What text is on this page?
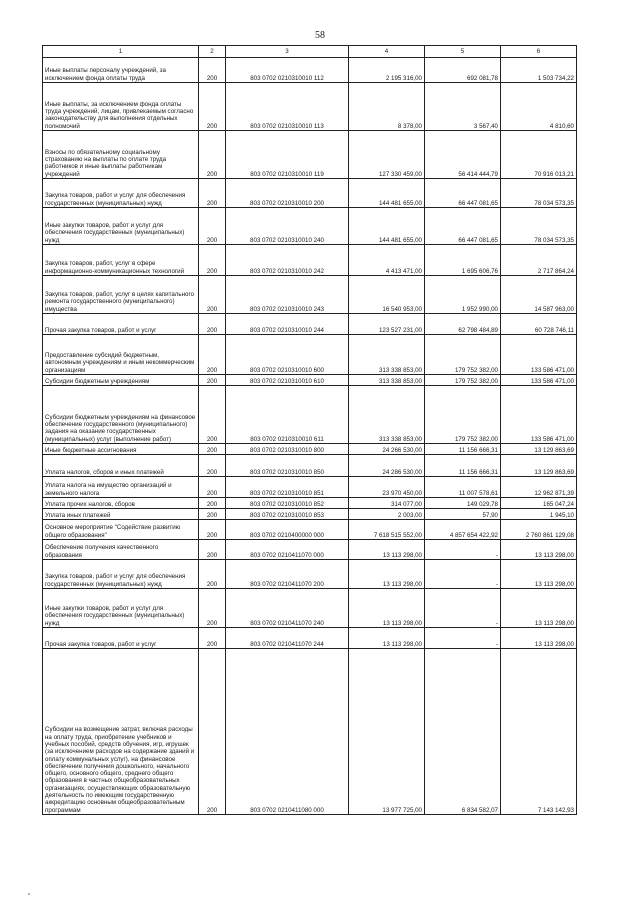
58
1	2	3	4	5	6
Иные выплаты персоналу учреждений, за исключением фонда оплаты труда	200	803 0702 0210310010 112	2 195 316,00	692 081,78	1 503 734,22
Иные выплаты, за исключением фонда оплаты труда учреждений, лицам, привлекаемым согласно законодательству для выполнения отдельных полномочий	200	803 0702 0210310010 113	8 378,00	3 567,40	4 810,60
Взносы по обязательному социальному страхованию на выплаты по оплате труда работников и иные выплаты работникам учреждений	200	803 0702 0210310010 119	127 330 459,00	56 414 444,79	70 916 013,21
Закупка товаров, работ и услуг для обеспечения государственных (муниципальных) нужд	200	803 0702 0210310010 200	144 481 655,00	66 447 081,65	78 034 573,35
Иные закупки товаров, работ и услуг для обеспечения государственных (муниципальных) нужд	200	803 0702 0210310010 240	144 481 655,00	66 447 081,65	78 034 573,35
Закупка товаров, работ, услуг в сфере информационно-коммуникационных технологий	200	803 0702 0210310010 242	4 413 471,00	1 695 606,76	2 717 864,24
Закупка товаров, работ, услуг в целях капитального ремонта государственного (муниципального) имущества	200	803 0702 0210310010 243	16 540 953,00	1 952 990,00	14 587 963,00
Прочая закупка товаров, работ и услуг	200	803 0702 0210310010 244	123 527 231,00	62 798 484,89	60 728 746,11
Предоставление субсидий бюджетным, автономным учреждениям и иным некоммерческим организациям	200	803 0702 0210310010 600	313 338 853,00	179 752 382,00	133 586 471,00
Субсидии бюджетным учреждениям	200	803 0702 0210310010 610	313 338 853,00	179 752 382,00	133 586 471,00
Субсидии бюджетным учреждениям на финансовое обеспечение государственного (муниципального) задания на оказание государственных (муниципальных) услуг (выполнение работ)	200	803 0702 0210310010 611	313 338 853,00	179 752 382,00	133 586 471,00
Иные бюджетные ассигнования	200	803 0702 0210310010 800	24 266 530,00	11 156 666,31	13 129 863,69
Уплата налогов, сборов и иных платежей	200	803 0702 0210310010 850	24 286 530,00	11 156 666,31	13 129 863,69
Уплата налога на имущество организаций и земельного налога	200	803 0702 0210310010 851	23 970 450,00	11 007 578,61	12 962 871,39
Уплата прочих налогов, сборов	200	803 0702 0210310010 852	314 077,00	149 029,78	165 047,24
Уплата иных платежей	200	803 0702 0210310010 853	2 003,00	57,90	1 945,10
Основное мероприятие "Содействие развитию общего образования"	200	803 0702 0210400000 000	7 618 515 552,00	4 857 654 422,92	2 760 861 129,08
Обеспечение получения качественного образования	200	803 0702 0210411070 000	13 113 298,00	-	13 113 298,00
Закупка товаров, работ и услуг для обеспечения государственных (муниципальных) нужд	200	803 0702 0210411070 200	13 113 298,00	-	13 113 298,00
Иные закупки товаров, работ и услуг для обеспечения государственных (муниципальных) нужд	200	803 0702 0210411070 240	13 113 298,00	-	13 113 298,00
Прочая закупка товаров, работ и услуг	200	803 0702 0210411070 244	13 113 298,00	-	13 113 298,00
Субсидии на возмещение затрат, включая расходы на оплату труда, приобретение учебников и учебных пособий, средств обучения, игр, игрушек (за исключением расходов на содержание зданий и оплату коммунальных услуг), на финансовое обеспечение получения дошкольного, начального общего, основного общего, среднего общего образования в частных общеобразовательных организациях, осуществляющих образовательную деятельность по имеющим государственную аккредитацию основным общеобразовательным программам	200	803 0702 0210411080 000	13 977 725,00	6 834 582,07	7 143 142,93
